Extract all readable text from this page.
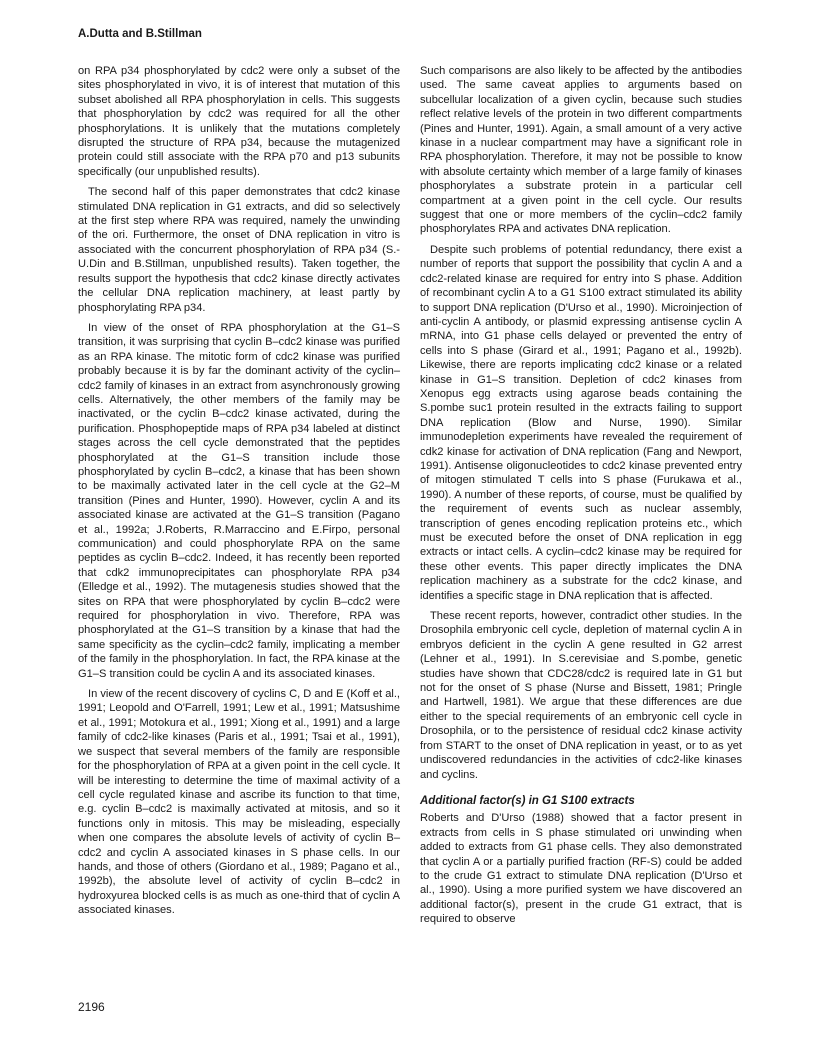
A.Dutta and B.Stillman

on RPA p34 phosphorylated by cdc2 were only a subset of the sites phosphorylated in vivo, it is of interest that mutation of this subset abolished all RPA phosphorylation in cells. This suggests that phosphorylation by cdc2 was required for all the other phosphorylations. It is unlikely that the mutations completely disrupted the structure of RPA p34, because the mutagenized protein could still associate with the RPA p70 and p13 subunits specifically (our unpublished results).

The second half of this paper demonstrates that cdc2 kinase stimulated DNA replication in G1 extracts, and did so selectively at the first step where RPA was required, namely the unwinding of the ori. Furthermore, the onset of DNA replication in vitro is associated with the concurrent phosphorylation of RPA p34 (S.-U.Din and B.Stillman, unpublished results). Taken together, the results support the hypothesis that cdc2 kinase directly activates the cellular DNA replication machinery, at least partly by phosphorylating RPA p34.

In view of the onset of RPA phosphorylation at the G1–S transition, it was surprising that cyclin B–cdc2 kinase was purified as an RPA kinase. The mitotic form of cdc2 kinase was purified probably because it is by far the dominant activity of the cyclin–cdc2 family of kinases in an extract from asynchronously growing cells. Alternatively, the other members of the family may be inactivated, or the cyclin B–cdc2 kinase activated, during the purification. Phosphopeptide maps of RPA p34 labeled at distinct stages across the cell cycle demonstrated that the peptides phosphorylated at the G1–S transition include those phosphorylated by cyclin B–cdc2, a kinase that has been shown to be maximally activated later in the cell cycle at the G2–M transition (Pines and Hunter, 1990). However, cyclin A and its associated kinase are activated at the G1–S transition (Pagano et al., 1992a; J.Roberts, R.Marraccino and E.Firpo, personal communication) and could phosphorylate RPA on the same peptides as cyclin B–cdc2. Indeed, it has recently been reported that cdk2 immunoprecipitates can phosphorylate RPA p34 (Elledge et al., 1992). The mutagenesis studies showed that the sites on RPA that were phosphorylated by cyclin B–cdc2 were required for phosphorylation in vivo. Therefore, RPA was phosphorylated at the G1–S transition by a kinase that had the same specificity as the cyclin–cdc2 family, implicating a member of the family in the phosphorylation. In fact, the RPA kinase at the G1–S transition could be cyclin A and its associated kinases.

In view of the recent discovery of cyclins C, D and E (Koff et al., 1991; Leopold and O'Farrell, 1991; Lew et al., 1991; Matsushime et al., 1991; Motokura et al., 1991; Xiong et al., 1991) and a large family of cdc2-like kinases (Paris et al., 1991; Tsai et al., 1991), we suspect that several members of the family are responsible for the phosphorylation of RPA at a given point in the cell cycle. It will be interesting to determine the time of maximal activity of a cell cycle regulated kinase and ascribe its function to that time, e.g. cyclin B–cdc2 is maximally activated at mitosis, and so it functions only in mitosis. This may be misleading, especially when one compares the absolute levels of activity of cyclin B–cdc2 and cyclin A associated kinases in S phase cells. In our hands, and those of others (Giordano et al., 1989; Pagano et al., 1992b), the absolute level of activity of cyclin B–cdc2 in hydroxyurea blocked cells is as much as one-third that of cyclin A associated kinases.

Such comparisons are also likely to be affected by the antibodies used. The same caveat applies to arguments based on subcellular localization of a given cyclin, because such studies reflect relative levels of the protein in two different compartments (Pines and Hunter, 1991). Again, a small amount of a very active kinase in a nuclear compartment may have a significant role in RPA phosphorylation. Therefore, it may not be possible to know with absolute certainty which member of a large family of kinases phosphorylates a substrate protein in a particular cell compartment at a given point in the cell cycle. Our results suggest that one or more members of the cyclin–cdc2 family phosphorylates RPA and activates DNA replication.

Despite such problems of potential redundancy, there exist a number of reports that support the possibility that cyclin A and a cdc2-related kinase are required for entry into S phase. Addition of recombinant cyclin A to a G1 S100 extract stimulated its ability to support DNA replication (D'Urso et al., 1990). Microinjection of anti-cyclin A antibody, or plasmid expressing antisense cyclin A mRNA, into G1 phase cells delayed or prevented the entry of cells into S phase (Girard et al., 1991; Pagano et al., 1992b). Likewise, there are reports implicating cdc2 kinase or a related kinase in G1–S transition. Depletion of cdc2 kinases from Xenopus egg extracts using agarose beads containing the S.pombe suc1 protein resulted in the extracts failing to support DNA replication (Blow and Nurse, 1990). Similar immunodepletion experiments have revealed the requirement of cdk2 kinase for activation of DNA replication (Fang and Newport, 1991). Antisense oligonucleotides to cdc2 kinase prevented entry of mitogen stimulated T cells into S phase (Furukawa et al., 1990). A number of these reports, of course, must be qualified by the requirement of events such as nuclear assembly, transcription of genes encoding replication proteins etc., which must be executed before the onset of DNA replication in egg extracts or intact cells. A cyclin–cdc2 kinase may be required for these other events. This paper directly implicates the DNA replication machinery as a substrate for the cdc2 kinase, and identifies a specific stage in DNA replication that is affected.

These recent reports, however, contradict other studies. In the Drosophila embryonic cell cycle, depletion of maternal cyclin A in embryos deficient in the cyclin A gene resulted in G2 arrest (Lehner et al., 1991). In S.cerevisiae and S.pombe, genetic studies have shown that CDC28/cdc2 is required late in G1 but not for the onset of S phase (Nurse and Bissett, 1981; Pringle and Hartwell, 1981). We argue that these differences are due either to the special requirements of an embryonic cell cycle in Drosophila, or to the persistence of residual cdc2 kinase activity from START to the onset of DNA replication in yeast, or to as yet undiscovered redundancies in the activities of cdc2-like kinases and cyclins.

Additional factor(s) in G1 S100 extracts

Roberts and D'Urso (1988) showed that a factor present in extracts from cells in S phase stimulated ori unwinding when added to extracts from G1 phase cells. They also demonstrated that cyclin A or a partially purified fraction (RF-S) could be added to the crude G1 extract to stimulate DNA replication (D'Urso et al., 1990). Using a more purified system we have discovered an additional factor(s), present in the crude G1 extract, that is required to observe

2196
